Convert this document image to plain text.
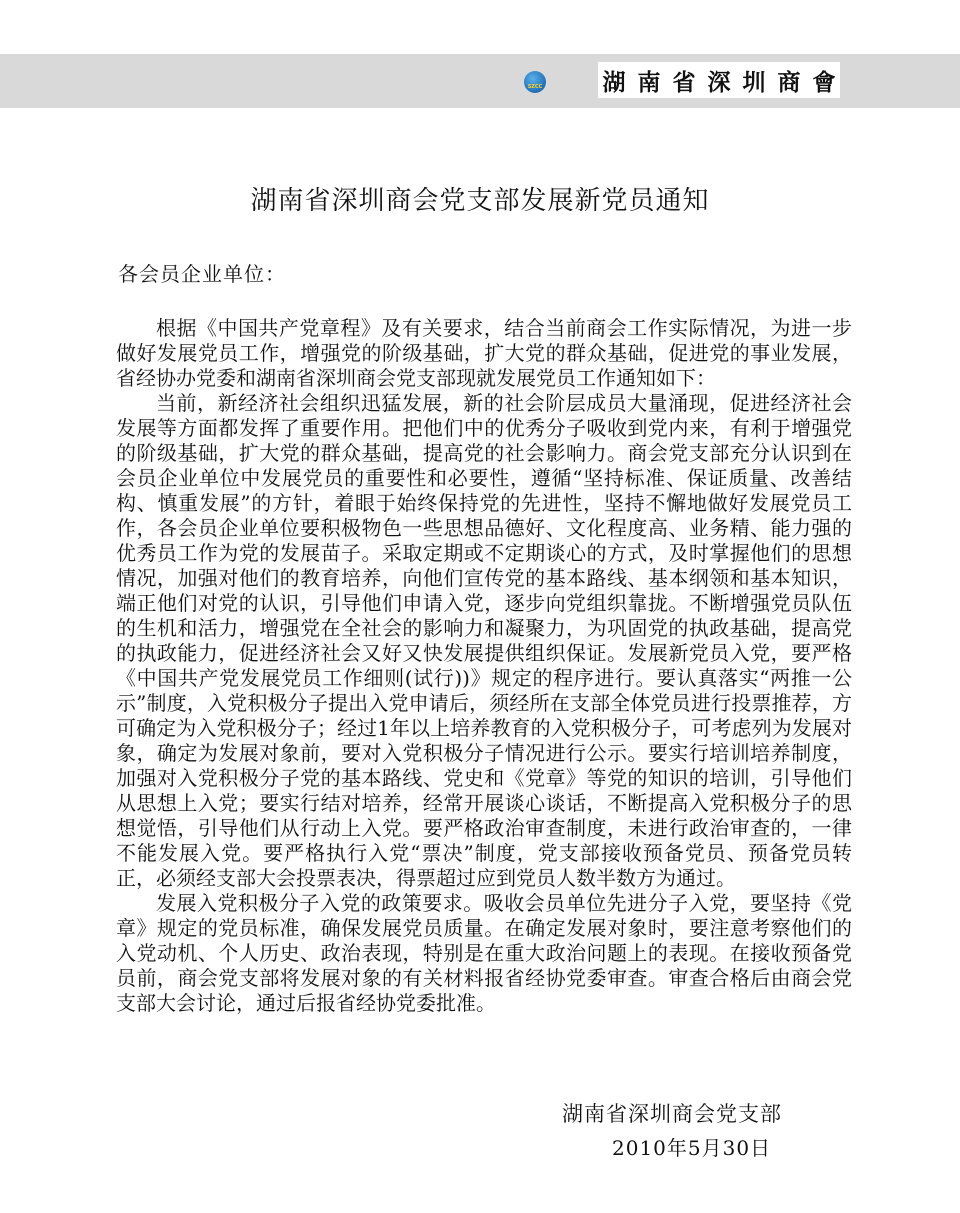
SZCC	湖南省深圳商會
湖南省深圳商会党支部发展新党员通知
各会员企业单位：

根据《中国共产党章程》及有关要求，结合当前商会工作实际情况，为进一步做好发展党员工作，增强党的阶级基础，扩大党的群众基础，促进党的事业发展，省经协办党委和湖南省深圳商会党支部现就发展党员工作通知如下：

当前，新经济社会组织迅猛发展，新的社会阶层成员大量涌现，促进经济社会发展等方面都发挥了重要作用。把他们中的优秀分子吸收到党内来，有利于增强党的阶级基础，扩大党的群众基础，提高党的社会影响力。商会党支部充分认识到在会员企业单位中发展党员的重要性和必要性，遵循“坚持标准、保证质量、改善结构、慎重发展”的方针，着眼于始终保持党的先进性，坚持不懈地做好发展党员工作，各会员企业单位要积极物色一些思想品德好、文化程度高、业务精、能力强的优秀员工作为党的发展苗子。采取定期或不定期谈心的方式，及时掌握他们的思想情况，加强对他们的教育培养，向他们宣传党的基本路线、基本纲领和基本知识，端正他们对党的认识，引导他们申请入党，逐步向党组织靠拢。不断增强党员队伍的生机和活力，增强党在全社会的影响力和凝聚力，为巩固党的执政基础，提高党的执政能力，促进经济社会又好又快发展提供组织保证。发展新党员入党，要严格《中国共产党发展党员工作细则(试行))》规定的程序进行。要认真落实“两推一公示”制度，入党积极分子提出入党申请后，须经所在支部全体党员进行投票推荐，方可确定为入党积极分子；经过1年以上培养教育的入党积极分子，可考虑列为发展对象，确定为发展对象前，要对入党积极分子情况进行公示。要实行培训培养制度，加强对入党积极分子党的基本路线、党史和《党章》等党的知识的培训，引导他们从思想上入党；要实行结对培养，经常开展谈心谈话，不断提高入党积极分子的思想觉悟，引导他们从行动上入党。要严格政治审查制度，未进行政治审查的，一律不能发展入党。要严格执行入党“票决”制度，党支部接收预备党员、预备党员转正，必须经支部大会投票表决，得票超过应到党员人数半数方为通过。

发展入党积极分子入党的政策要求。吸收会员单位先进分子入党，要坚持《党章》规定的党员标准，确保发展党员质量。在确定发展对象时，要注意考察他们的入党动机、个人历史、政治表现，特别是在重大政治问题上的表现。在接收预备党员前，商会党支部将发展对象的有关材料报省经协党委审查。审查合格后由商会党支部大会讨论，通过后报省经协党委批准。

湖南省深圳商会党支部
2010年5月30日
